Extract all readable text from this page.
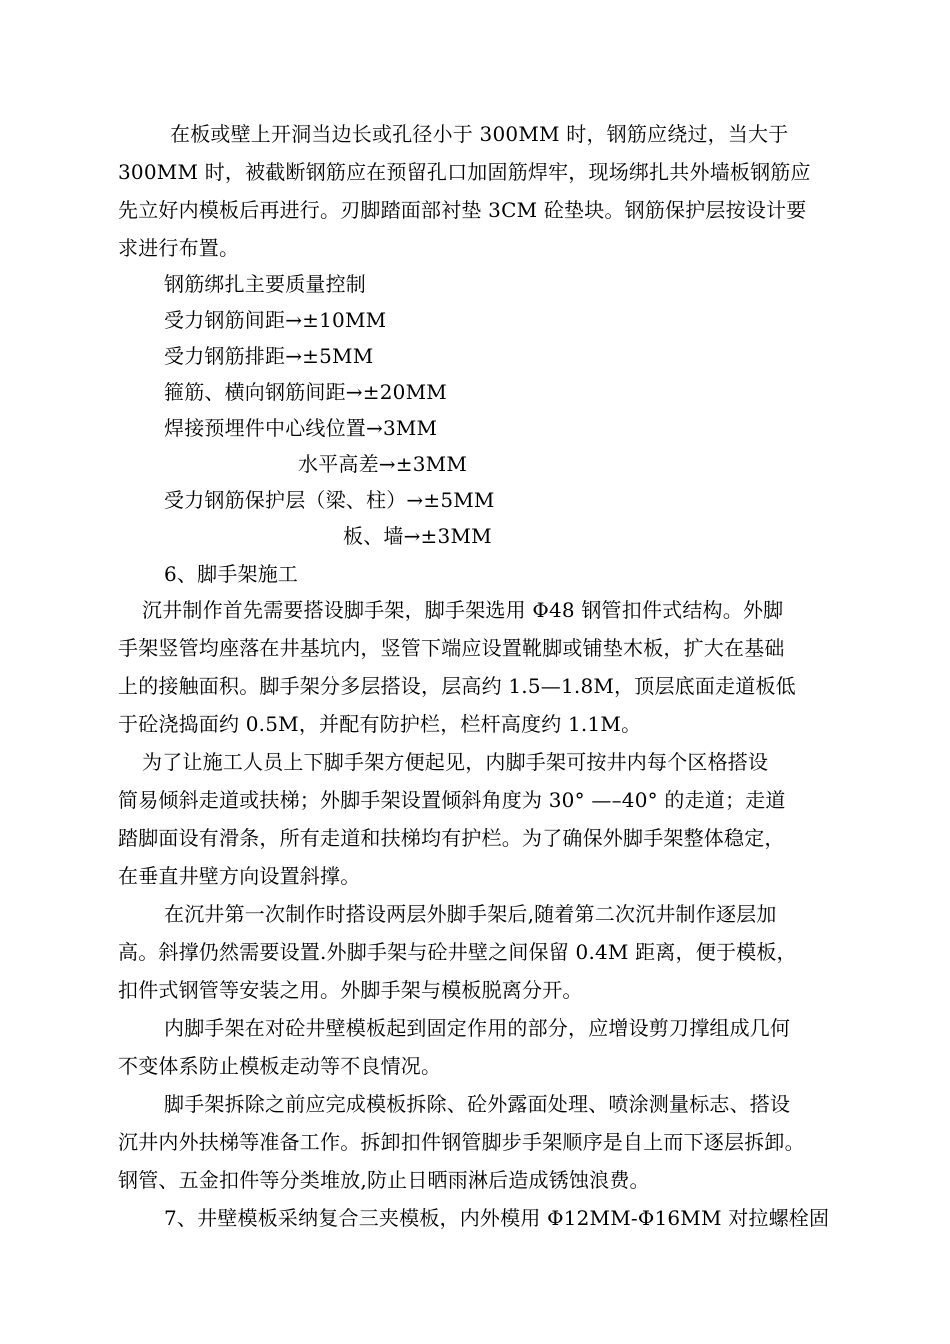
在板或壁上开洞当边长或孔径小于 300MM 时，钢筋应绕过，当大于
300MM 时，被截断钢筋应在预留孔口加固筋焊牢，现场绑扎共外墙板钢筋应
先立好内模板后再进行。刃脚踏面部衬垫 3CM 砼垫块。钢筋保护层按设计要
求进行布置。
钢筋绑扎主要质量控制
受力钢筋间距→±10MM
受力钢筋排距→±5MM
箍筋、横向钢筋间距→±20MM
焊接预埋件中心线位置→3MM
水平高差→±3MM
受力钢筋保护层（梁、柱）→±5MM
板、墙→±3MM
6、脚手架施工
沉井制作首先需要搭设脚手架，脚手架选用 Φ48 钢管扣件式结构。外脚
手架竖管均座落在井基坑内，竖管下端应设置靴脚或铺垫木板，扩大在基础
上的接触面积。脚手架分多层搭设，层高约 1.5—1.8M，顶层底面走道板低
于砼浇捣面约 0.5M，并配有防护栏，栏杆高度约 1.1M。
为了让施工人员上下脚手架方便起见，内脚手架可按井内每个区格搭设
简易倾斜走道或扶梯；外脚手架设置倾斜角度为 30° —–40° 的走道；走道
踏脚面设有滑条，所有走道和扶梯均有护栏。为了确保外脚手架整体稳定，
在垂直井壁方向设置斜撑。
在沉井第一次制作时搭设两层外脚手架后,随着第二次沉井制作逐层加
高。斜撑仍然需要设置.外脚手架与砼井壁之间保留 0.4M 距离，便于模板，
扣件式钢管等安装之用。外脚手架与模板脱离分开。
内脚手架在对砼井壁模板起到固定作用的部分，应增设剪刀撑组成几何
不变体系防止模板走动等不良情况。
脚手架拆除之前应完成模板拆除、砼外露面处理、喷涂测量标志、搭设
沉井内外扶梯等准备工作。拆卸扣件钢管脚步手架顺序是自上而下逐层拆卸。
钢管、五金扣件等分类堆放,防止日晒雨淋后造成锈蚀浪费。
7、井壁模板采纳复合三夹模板，内外模用 Φ12MM-Φ16MM 对拉螺栓固
